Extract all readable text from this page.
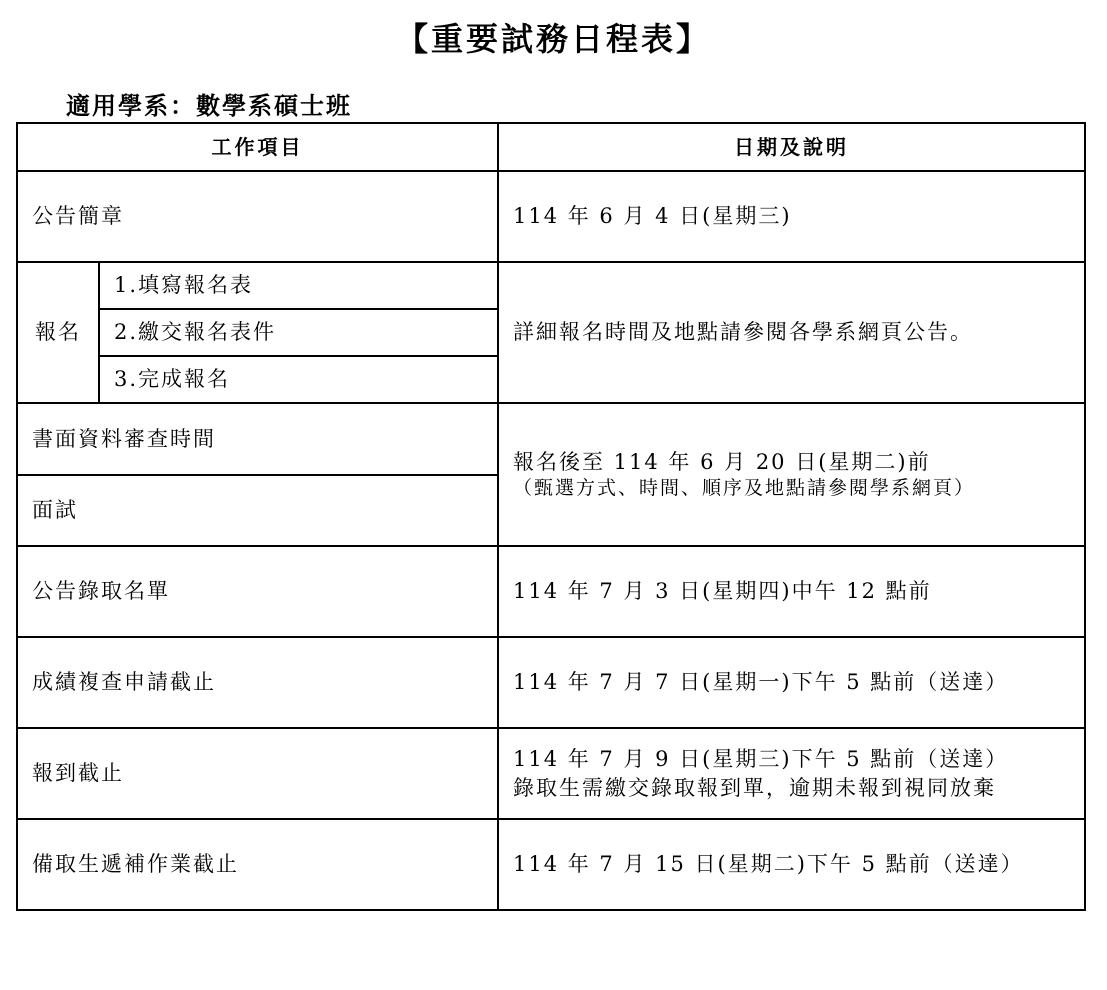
【重要試務日程表】
適用學系：數學系碩士班
工作項目		日期及說明
公告簡章		114 年 6 月 4 日(星期三)
報名	1.填寫報名表	詳細報名時間及地點請參閱各學系網頁公告。
	2.繳交報名表件	
	3.完成報名	
書面資料審查時間		報名後至 114 年 6 月 20 日(星期二)前
（甄選方式、時間、順序及地點請參閱學系網頁）

面試		
公告錄取名單		114 年 7 月 3 日(星期四)中午 12 點前
成績複查申請截止		114 年 7 月 7 日(星期一)下午 5 點前（送達）
報到截止		114 年 7 月 9 日(星期三)下午 5 點前（送達）
錄取生需繳交錄取報到單，逾期未報到視同放棄

備取生遞補作業截止		114 年 7 月 15 日(星期二)下午 5 點前（送達）
